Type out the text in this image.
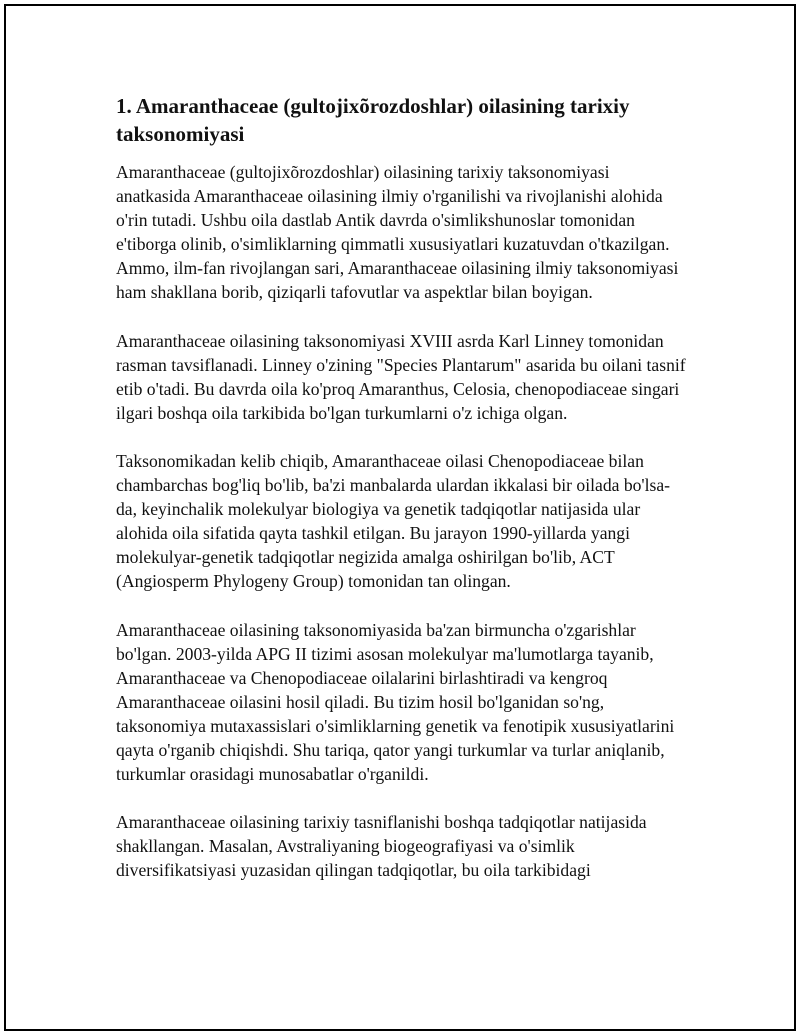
1. Amaranthaceae (gultojixõrozdoshlar) oilasining tarixiy taksonomiyasi

Amaranthaceae (gultojixõrozdoshlar) oilasining tarixiy taksonomiyasi anatkasida Amaranthaceae oilasining ilmiy o'rganilishi va rivojlanishi alohida o'rin tutadi. Ushbu oila dastlab Antik davrda o'simlikshunoslar tomonidan e'tiborga olinib, o'simliklarning qimmatli xususiyatlari kuzatuvdan o'tkazilgan. Ammo, ilm-fan rivojlangan sari, Amaranthaceae oilasining ilmiy taksonomiyasi ham shakllana borib, qiziqarli tafovutlar va aspektlar bilan boyigan.

Amaranthaceae oilasining taksonomiyasi XVIII asrda Karl Linney tomonidan rasman tavsiflanadi. Linney o'zining "Species Plantarum" asarida bu oilani tasnif etib o'tadi. Bu davrda oila ko'proq Amaranthus, Celosia, chenopodiaceae singari ilgari boshqa oila tarkibida bo'lgan turkumlarni o'z ichiga olgan.

Taksonomikadan kelib chiqib, Amaranthaceae oilasi Chenopodiaceae bilan chambarchas bog'liq bo'lib, ba'zi manbalarda ulardan ikkalasi bir oilada bo'lsa-da, keyinchalik molekulyar biologiya va genetik tadqiqotlar natijasida ular alohida oila sifatida qayta tashkil etilgan. Bu jarayon 1990-yillarda yangi molekulyar-genetik tadqiqotlar negizida amalga oshirilgan bo'lib, ACT (Angiosperm Phylogeny Group) tomonidan tan olingan.

Amaranthaceae oilasining taksonomiyasida ba'zan birmuncha o'zgarishlar bo'lgan. 2003-yilda APG II tizimi asosan molekulyar ma'lumotlarga tayanib, Amaranthaceae va Chenopodiaceae oilalarini birlashtiradi va kengroq Amaranthaceae oilasini hosil qiladi. Bu tizim hosil bo'lganidan so'ng, taksonomiya mutaxassislari o'simliklarning genetik va fenotipik xususiyatlarini qayta o'rganib chiqishdi. Shu tariqa, qator yangi turkumlar va turlar aniqlanib, turkumlar orasidagi munosabatlar o'rganildi.

Amaranthaceae oilasining tarixiy tasniflanishi boshqa tadqiqotlar natijasida shakllangan. Masalan, Avstraliyaning biogeografiyasi va o'simlik diversifikatsiyasi yuzasidan qilingan tadqiqotlar, bu oila tarkibidagi
